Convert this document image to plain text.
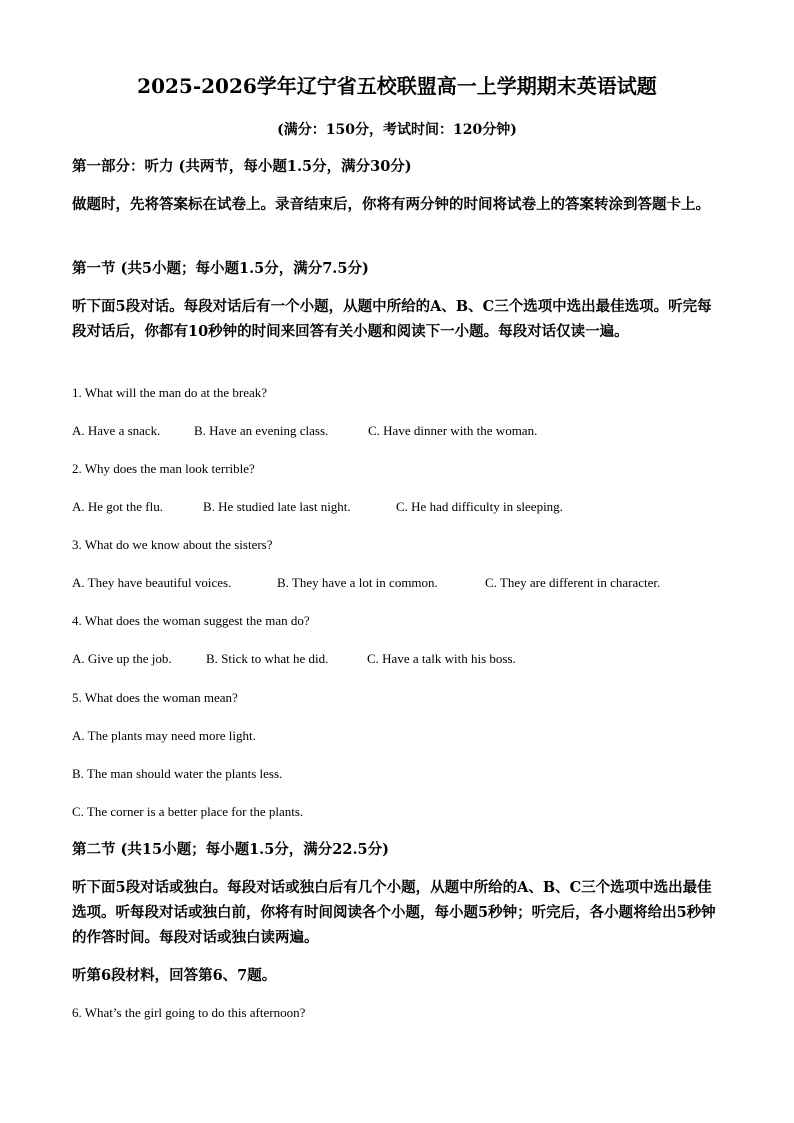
2025-2026学年辽宁省五校联盟高一上学期期末英语试题
(满分：150分，考试时间：120分钟)
第一部分：听力 (共两节，每小题1.5分，满分30分)
做题时，先将答案标在试卷上。录音结束后，你将有两分钟的时间将试卷上的答案转涂到答题卡上。
第一节 (共5小题；每小题1.5分，满分7.5分)
听下面5段对话。每段对话后有一个小题，从题中所给的A、B、C三个选项中选出最佳选项。听完每段对话后，你都有10秒钟的时间来回答有关小题和阅读下一小题。每段对话仅读一遍。
1. What will the man do at the break?
A. Have a snack.	B. Have an evening class.	C. Have dinner with the woman.
2. Why does the man look terrible?
A. He got the flu.	B. He studied late last night.	C. He had difficulty in sleeping.
3. What do we know about the sisters?
A. They have beautiful voices.	B. They have a lot in common.	C. They are different in character.
4. What does the woman suggest the man do?
A. Give up the job.	B. Stick to what he did.	C. Have a talk with his boss.
5. What does the woman mean?
A. The plants may need more light.
B. The man should water the plants less.
C. The corner is a better place for the plants.
第二节 (共15小题；每小题1.5分，满分22.5分)
听下面5段对话或独白。每段对话或独白后有几个小题，从题中所给的A、B、C三个选项中选出最佳选项。听每段对话或独白前，你将有时间阅读各个小题，每小题5秒钟；听完后，各小题将给出5秒钟的作答时间。每段对话或独白读两遍。
听第6段材料，回答第6、7题。
6. What’s the girl going to do this afternoon?
